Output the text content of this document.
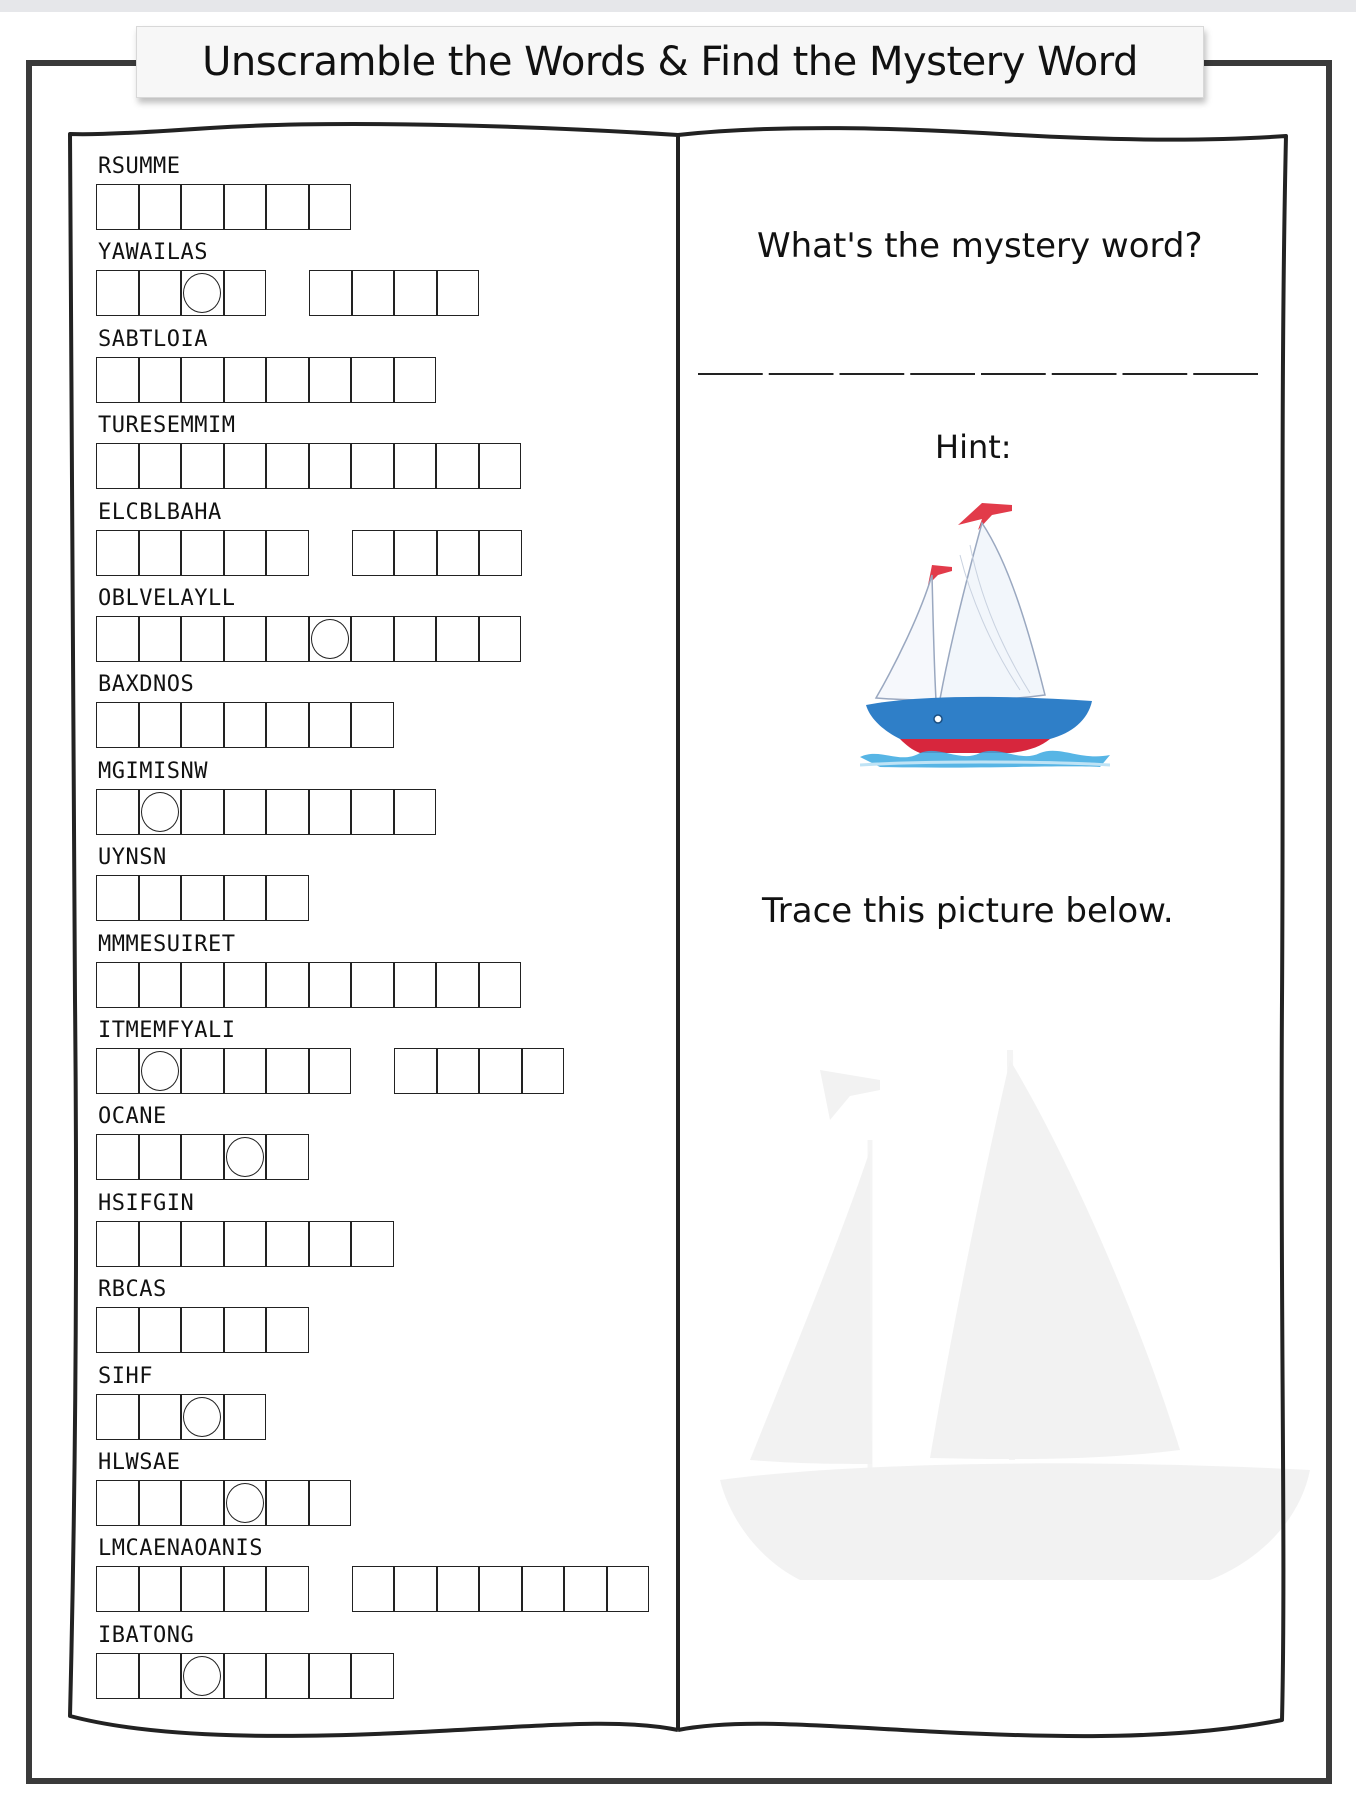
Unscramble the Words & Find the Mystery Word
RSUMME
YAWAILAS
SABTLOIA
TURESEMMIM
ELCBLBAHA
OBLVELAYLL
BAXDNOS
MGIMISNW
UYNSN
MMMESUIRET
ITMEMFYALI
OCANE
HSIFGIN
RBCAS
SIHF
HLWSAE
LMCAENAOANIS
IBATONG
What's the mystery word?
Hint:
Trace this picture below.
